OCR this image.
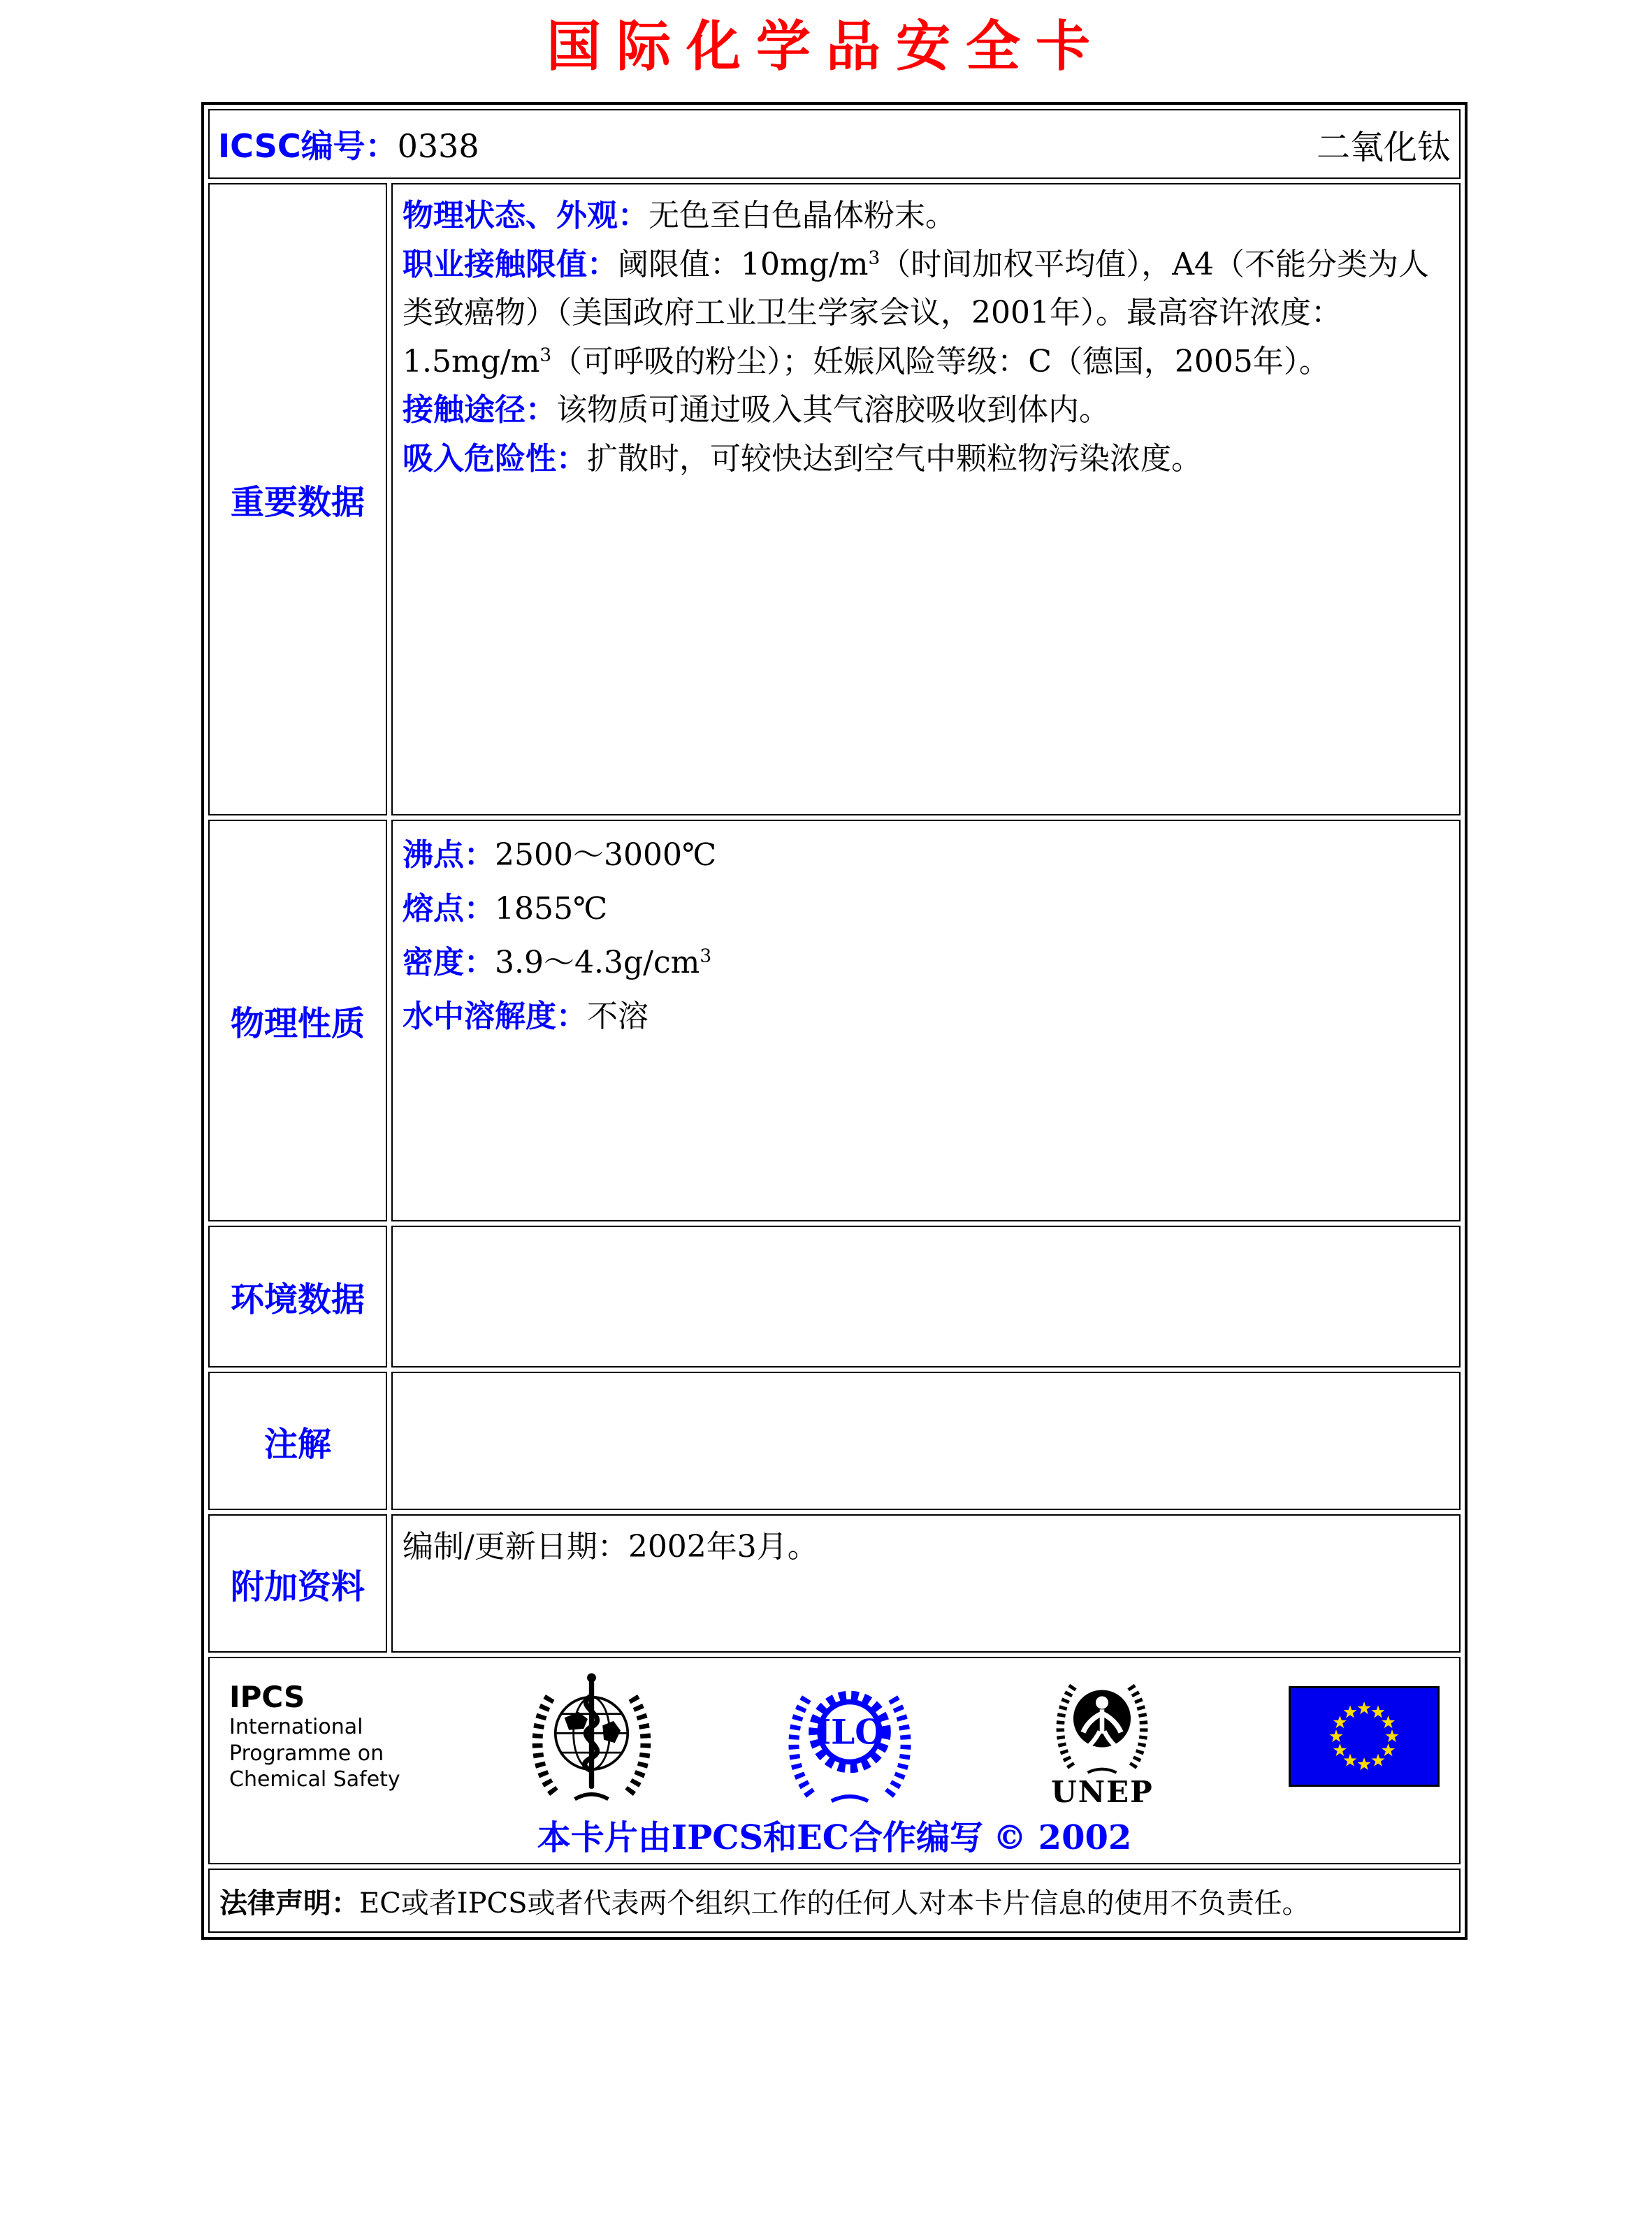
国际化学品安全卡
ICSC编号：0338 二氧化钛	

重要数据	物理状态、外观：无色至白色晶体粉末。

职业接触限值：阈限值：$10mg/m^3$（时间加权平均值），A4（不能分类为人类致癌物）（美国政府工业卫生学家会议，2001年）。最高容许浓度：$1.5mg/m^3$（可呼吸的粉尘）；妊娠风险等级：C（德国，2005年）。

接触途径：该物质可通过吸入其气溶胶吸收到体内。

吸入危险性：扩散时，可较快达到空气中颗粒物污染浓度。

物理性质	沸点：2500～3000℃

熔点：1855℃

密度：$3.9\sim 4.3g/cm^3$

水中溶解度：不溶

环境数据	
注解	
附加资料	编制/更新日期：2002年3月。

IPCS
International
Programme on
Chemical Safety
ILO
UNEP
本卡片由IPCS和EC合作编写 © 2002

法律声明：EC或者IPCS或者代表两个组织工作的任何人对本卡片信息的使用不负责任。	
